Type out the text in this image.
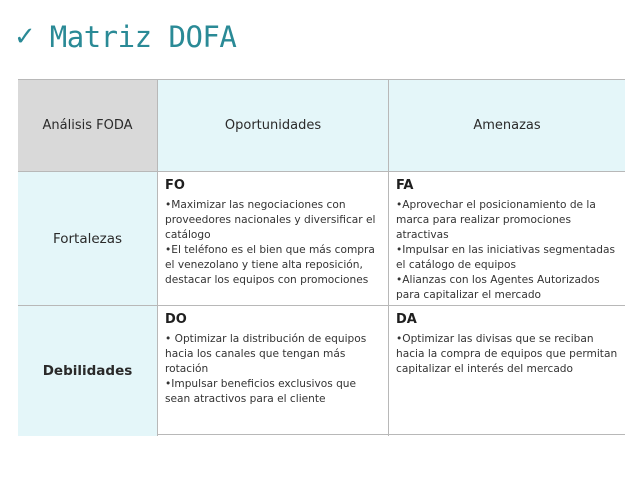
✓ Matriz DOFA
Análisis FODA	Oportunidades	Amenazas
Fortalezas
FO

•Maximizar las negociaciones con proveedores nacionales y diversificar el catálogo

•El teléfono es el bien que más compra el venezolano y tiene alta reposición, destacar los equipos con promociones

FA

•Aprovechar el posicionamiento de la marca para realizar promociones atractivas

•Impulsar en las iniciativas segmentadas el catálogo de equipos

•Alianzas con los Agentes Autorizados para capitalizar el mercado

Debilidades
DO

• Optimizar la distribución de equipos hacia los canales que tengan más rotación

•Impulsar beneficios exclusivos que sean atractivos para el cliente

DA

•Optimizar las divisas que se reciban hacia la compra de equipos que permitan capitalizar el interés del mercado
